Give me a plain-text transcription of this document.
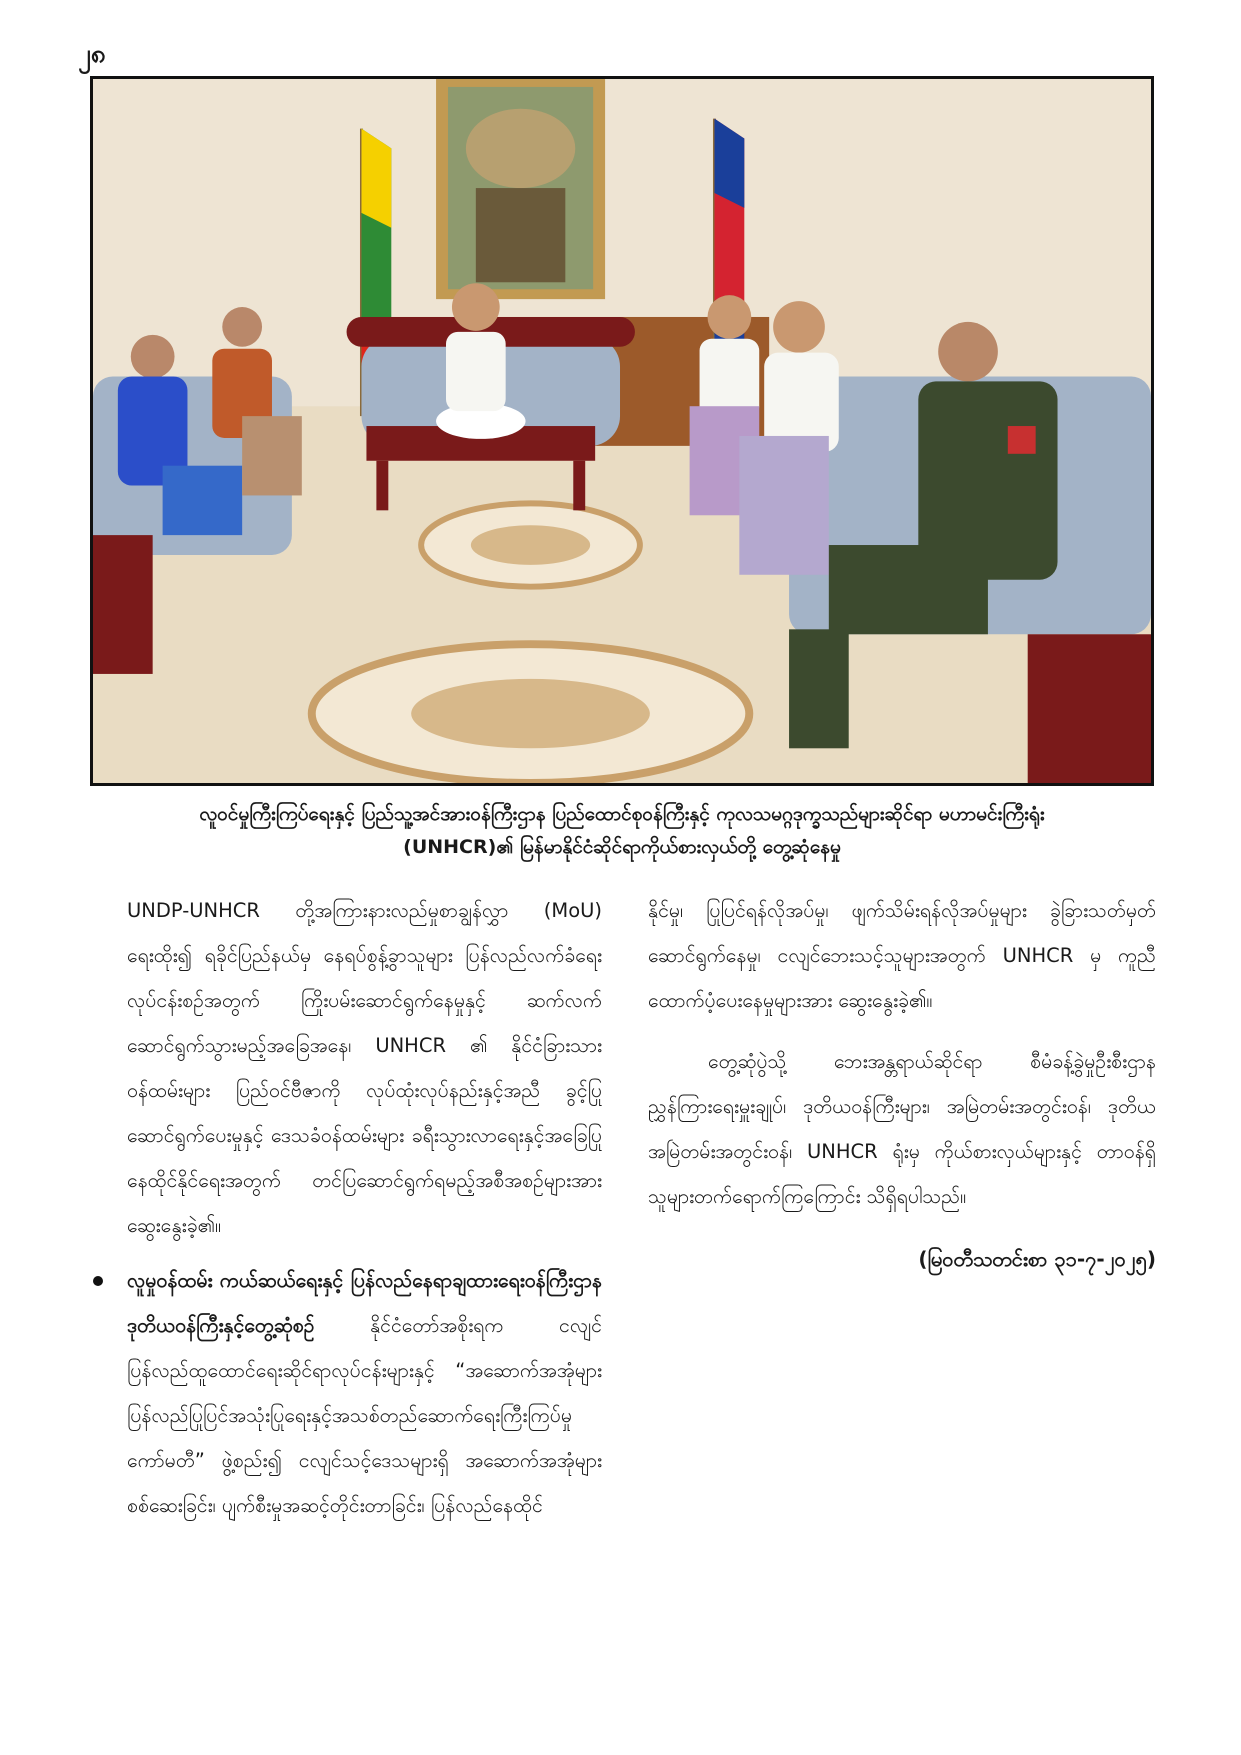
၂၈
လူဝင်မှုကြီးကြပ်ရေးနှင့် ပြည်သူ့အင်အားဝန်ကြီးဌာန ပြည်ထောင်စုဝန်ကြီးနှင့် ကုလသမဂ္ဂဒုက္ခသည်များဆိုင်ရာ မဟာမင်းကြီးရုံး
(UNHCR)၏ မြန်မာနိုင်ငံဆိုင်ရာကိုယ်စားလှယ်တို့ တွေ့ဆုံနေမှု

UNDP-UNHCR တို့အကြားနားလည်မှုစာချွန်လွှာ (MoU) ရေးထိုး၍ ရခိုင်ပြည်နယ်မှ နေရပ်စွန့်ခွာသူများ ပြန်လည်လက်ခံရေးလုပ်ငန်းစဉ်အတွက် ကြိုးပမ်းဆောင်ရွက်နေမှုနှင့် ဆက်လက်ဆောင်ရွက်သွားမည့်အခြေအနေ၊ UNHCR ၏ နိုင်ငံခြားသားဝန်ထမ်းများ ပြည်ဝင်ဗီဇာကို လုပ်ထုံးလုပ်နည်းနှင့်အညီ ခွင့်ပြုဆောင်ရွက်ပေးမှုနှင့် ဒေသခံဝန်ထမ်းများ ခရီးသွားလာရေးနှင့်အခြေပြုနေထိုင်နိုင်ရေးအတွက် တင်ပြဆောင်ရွက်ရမည့်အစီအစဉ်များအား ဆွေးနွေးခဲ့၏။

လူမှုဝန်ထမ်း ကယ်ဆယ်ရေးနှင့် ပြန်လည်နေရာချထားရေးဝန်ကြီးဌာန ဒုတိယဝန်ကြီးနှင့်တွေ့ဆုံစဉ် နိုင်ငံတော်အစိုးရက ငလျင်ပြန်လည်ထူထောင်ရေးဆိုင်ရာလုပ်ငန်းများနှင့် “အဆောက်အအုံများပြန်လည်ပြုပြင်အသုံးပြုရေးနှင့်အသစ်တည်ဆောက်ရေးကြီးကြပ်မှုကော်မတီ” ဖွဲ့စည်း၍ ငလျင်သင့်ဒေသများရှိ အဆောက်အအုံများစစ်ဆေးခြင်း၊ ပျက်စီးမှုအဆင့်တိုင်းတာခြင်း၊ ပြန်လည်နေထိုင်

နိုင်မှု၊ ပြုပြင်ရန်လိုအပ်မှု၊ ဖျက်သိမ်းရန်လိုအပ်မှုများ ခွဲခြားသတ်မှတ်ဆောင်ရွက်နေမှု၊ ငလျင်ဘေးသင့်သူများအတွက် UNHCR မှ ကူညီ ထောက်ပံ့ပေးနေမှုများအား ဆွေးနွေးခဲ့၏။

တွေ့ဆုံပွဲသို့ ဘေးအန္တရာယ်ဆိုင်ရာ စီမံခန့်ခွဲမှုဦးစီးဌာန ညွှန်ကြားရေးမှူးချုပ်၊ ဒုတိယဝန်ကြီးများ၊ အမြဲတမ်းအတွင်းဝန်၊ ဒုတိယအမြဲတမ်းအတွင်းဝန်၊ UNHCR ရုံးမှ ကိုယ်စားလှယ်များနှင့် တာဝန်ရှိသူများတက်ရောက်ကြကြောင်း သိရှိရပါသည်။

(မြဝတီသတင်းစာ ၃၁-၇-၂၀၂၅)
